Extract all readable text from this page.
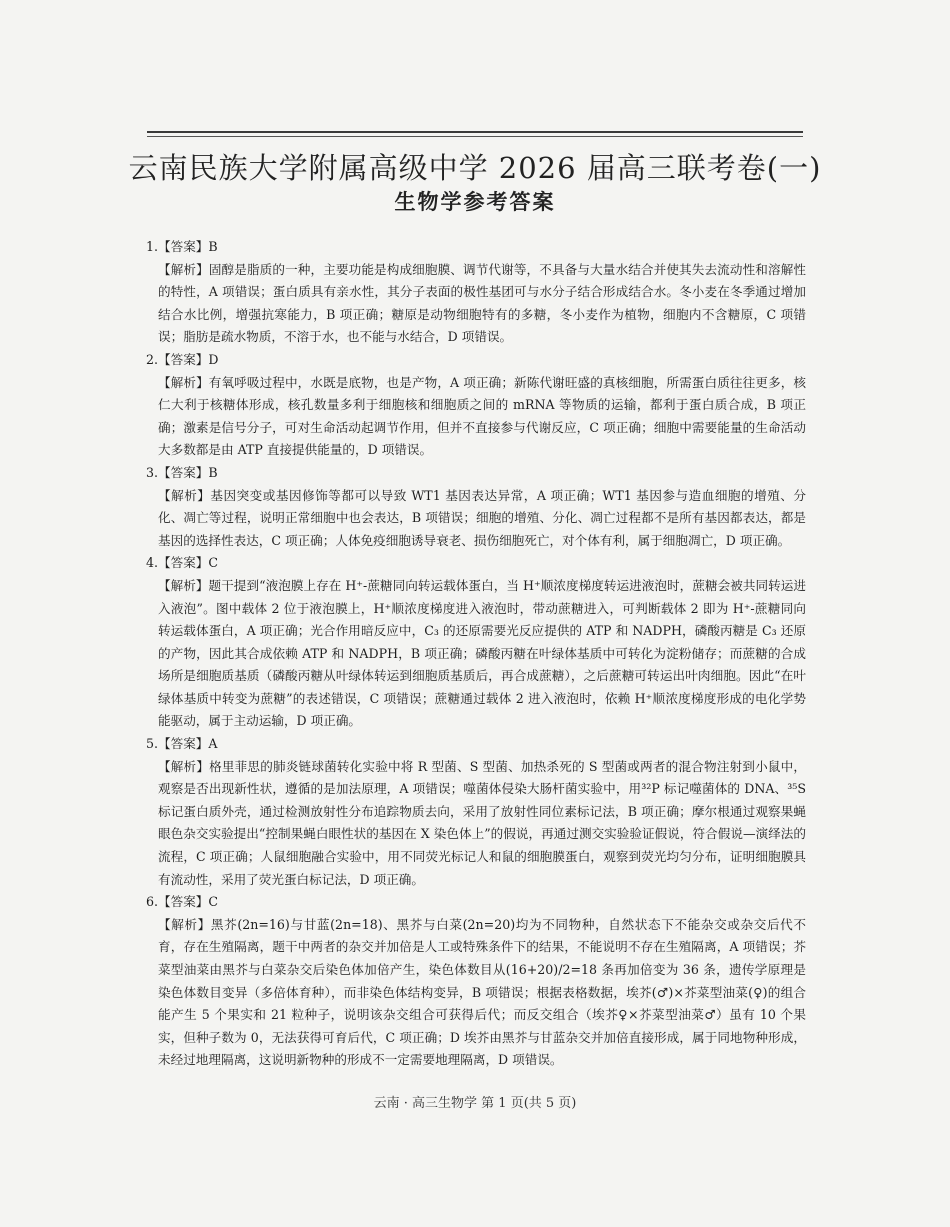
云南民族大学附属高级中学 2026 届高三联考卷(一)
生物学参考答案

1.【答案】B

【解析】固醇是脂质的一种，主要功能是构成细胞膜、调节代谢等，不具备与大量水结合并使其失去流动性和溶解性的特性，A 项错误；蛋白质具有亲水性，其分子表面的极性基团可与水分子结合形成结合水。冬小麦在冬季通过增加结合水比例，增强抗寒能力，B 项正确；糖原是动物细胞特有的多糖，冬小麦作为植物，细胞内不含糖原，C 项错误；脂肪是疏水物质，不溶于水，也不能与水结合，D 项错误。

2.【答案】D

【解析】有氧呼吸过程中，水既是底物，也是产物，A 项正确；新陈代谢旺盛的真核细胞，所需蛋白质往往更多，核仁大利于核糖体形成，核孔数量多利于细胞核和细胞质之间的 mRNA 等物质的运输，都利于蛋白质合成，B 项正确；激素是信号分子，可对生命活动起调节作用，但并不直接参与代谢反应，C 项正确；细胞中需要能量的生命活动大多数都是由 ATP 直接提供能量的，D 项错误。

3.【答案】B

【解析】基因突变或基因修饰等都可以导致 WT1 基因表达异常，A 项正确；WT1 基因参与造血细胞的增殖、分化、凋亡等过程，说明正常细胞中也会表达，B 项错误；细胞的增殖、分化、凋亡过程都不是所有基因都表达，都是基因的选择性表达，C 项正确；人体免疫细胞诱导衰老、损伤细胞死亡，对个体有利，属于细胞凋亡，D 项正确。

4.【答案】C

【解析】题干提到“液泡膜上存在 H⁺-蔗糖同向转运载体蛋白，当 H⁺顺浓度梯度转运进液泡时，蔗糖会被共同转运进入液泡”。图中载体 2 位于液泡膜上，H⁺顺浓度梯度进入液泡时，带动蔗糖进入，可判断载体 2 即为 H⁺-蔗糖同向转运载体蛋白，A 项正确；光合作用暗反应中，C₃ 的还原需要光反应提供的 ATP 和 NADPH，磷酸丙糖是 C₃ 还原的产物，因此其合成依赖 ATP 和 NADPH，B 项正确；磷酸丙糖在叶绿体基质中可转化为淀粉储存；而蔗糖的合成场所是细胞质基质（磷酸丙糖从叶绿体转运到细胞质基质后，再合成蔗糖），之后蔗糖可转运出叶肉细胞。因此“在叶绿体基质中转变为蔗糖”的表述错误，C 项错误；蔗糖通过载体 2 进入液泡时，依赖 H⁺顺浓度梯度形成的电化学势能驱动，属于主动运输，D 项正确。

5.【答案】A

【解析】格里菲思的肺炎链球菌转化实验中将 R 型菌、S 型菌、加热杀死的 S 型菌或两者的混合物注射到小鼠中，观察是否出现新性状，遵循的是加法原理，A 项错误；噬菌体侵染大肠杆菌实验中，用³²P 标记噬菌体的 DNA、³⁵S 标记蛋白质外壳，通过检测放射性分布追踪物质去向，采用了放射性同位素标记法，B 项正确；摩尔根通过观察果蝇眼色杂交实验提出“控制果蝇白眼性状的基因在 X 染色体上”的假说，再通过测交实验验证假说，符合假说—演绎法的流程，C 项正确；人鼠细胞融合实验中，用不同荧光标记人和鼠的细胞膜蛋白，观察到荧光均匀分布，证明细胞膜具有流动性，采用了荧光蛋白标记法，D 项正确。

6.【答案】C

【解析】黑芥(2n=16)与甘蓝(2n=18)、黑芥与白菜(2n=20)均为不同物种，自然状态下不能杂交或杂交后代不育，存在生殖隔离，题干中两者的杂交并加倍是人工或特殊条件下的结果，不能说明不存在生殖隔离，A 项错误；芥菜型油菜由黑芥与白菜杂交后染色体加倍产生，染色体数目从(16+20)/2=18 条再加倍变为 36 条，遗传学原理是染色体数目变异（多倍体育种），而非染色体结构变异，B 项错误；根据表格数据，埃芥(♂)×芥菜型油菜(♀)的组合能产生 5 个果实和 21 粒种子，说明该杂交组合可获得后代；而反交组合（埃芥♀×芥菜型油菜♂）虽有 10 个果实，但种子数为 0，无法获得可育后代，C 项正确；D 埃芥由黑芥与甘蓝杂交并加倍直接形成，属于同地物种形成，未经过地理隔离，这说明新物种的形成不一定需要地理隔离，D 项错误。

云南 · 高三生物学 第 1 页(共 5 页)
